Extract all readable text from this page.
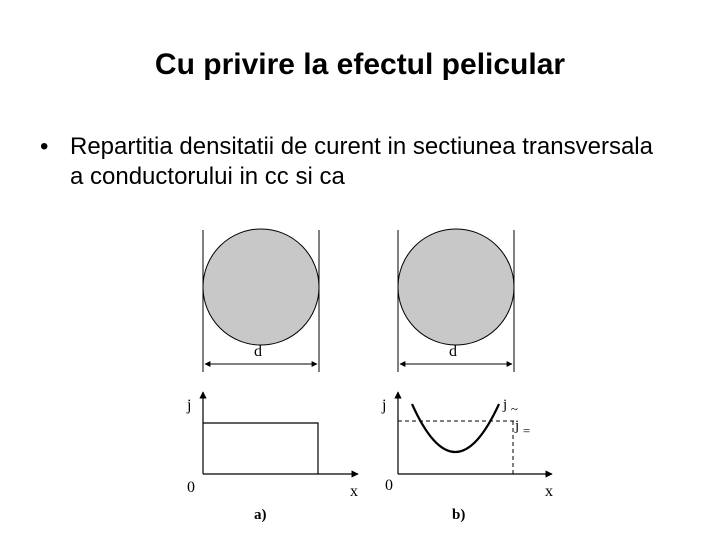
Cu privire la efectul pelicular
• Repartitia densitatii de curent in sectiunea transversala a conductorului in cc si ca
d
j
x
0
a)
d
j
x
0
j ~
j =
b)
